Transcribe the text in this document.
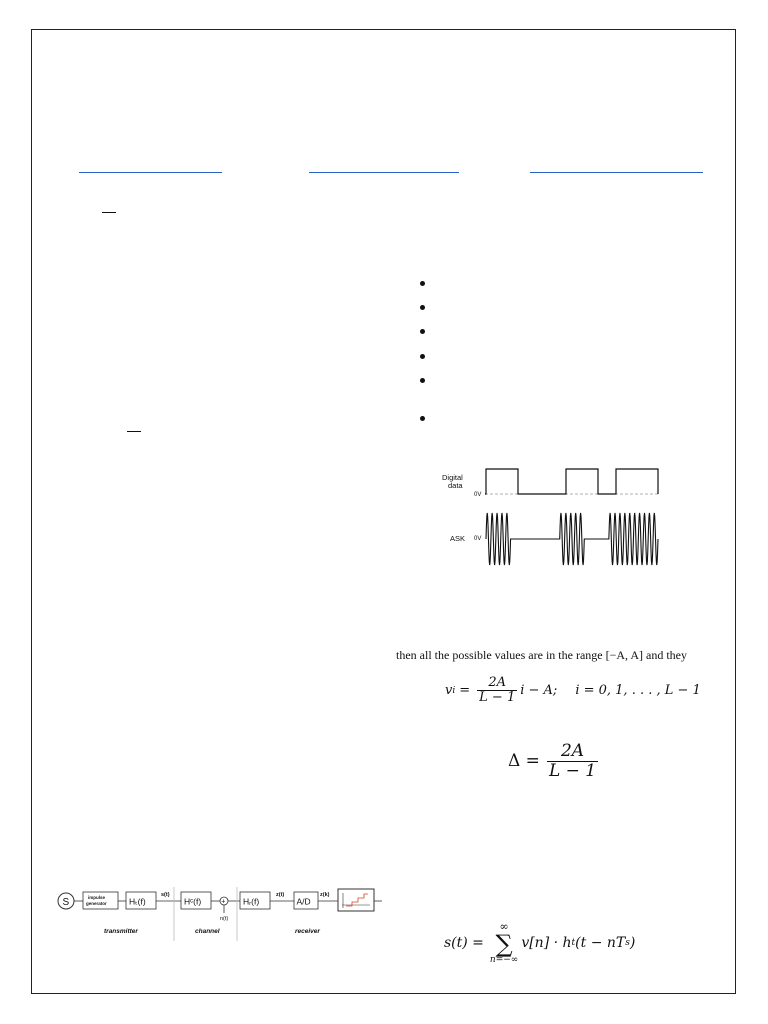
Digital
data
0V
ASK 0V
then all the possible values are in the range [−A, A] and they
v $i = \frac{2A}{L - 1}$ i − A; i = 0, 1, . . . , L − 1
$\Delta = \frac{2A}{L - 1}$
S	impulse
generator	Hₜ(f)
s(t)
Hᶜ(f)	+
n(t)
Hᵣ(f)
z(t)
A/D
z(k)
transmitter	channel	receiver
s(t) =
∞
∑
n=−∞
v[n] · h t (t − nT s )
